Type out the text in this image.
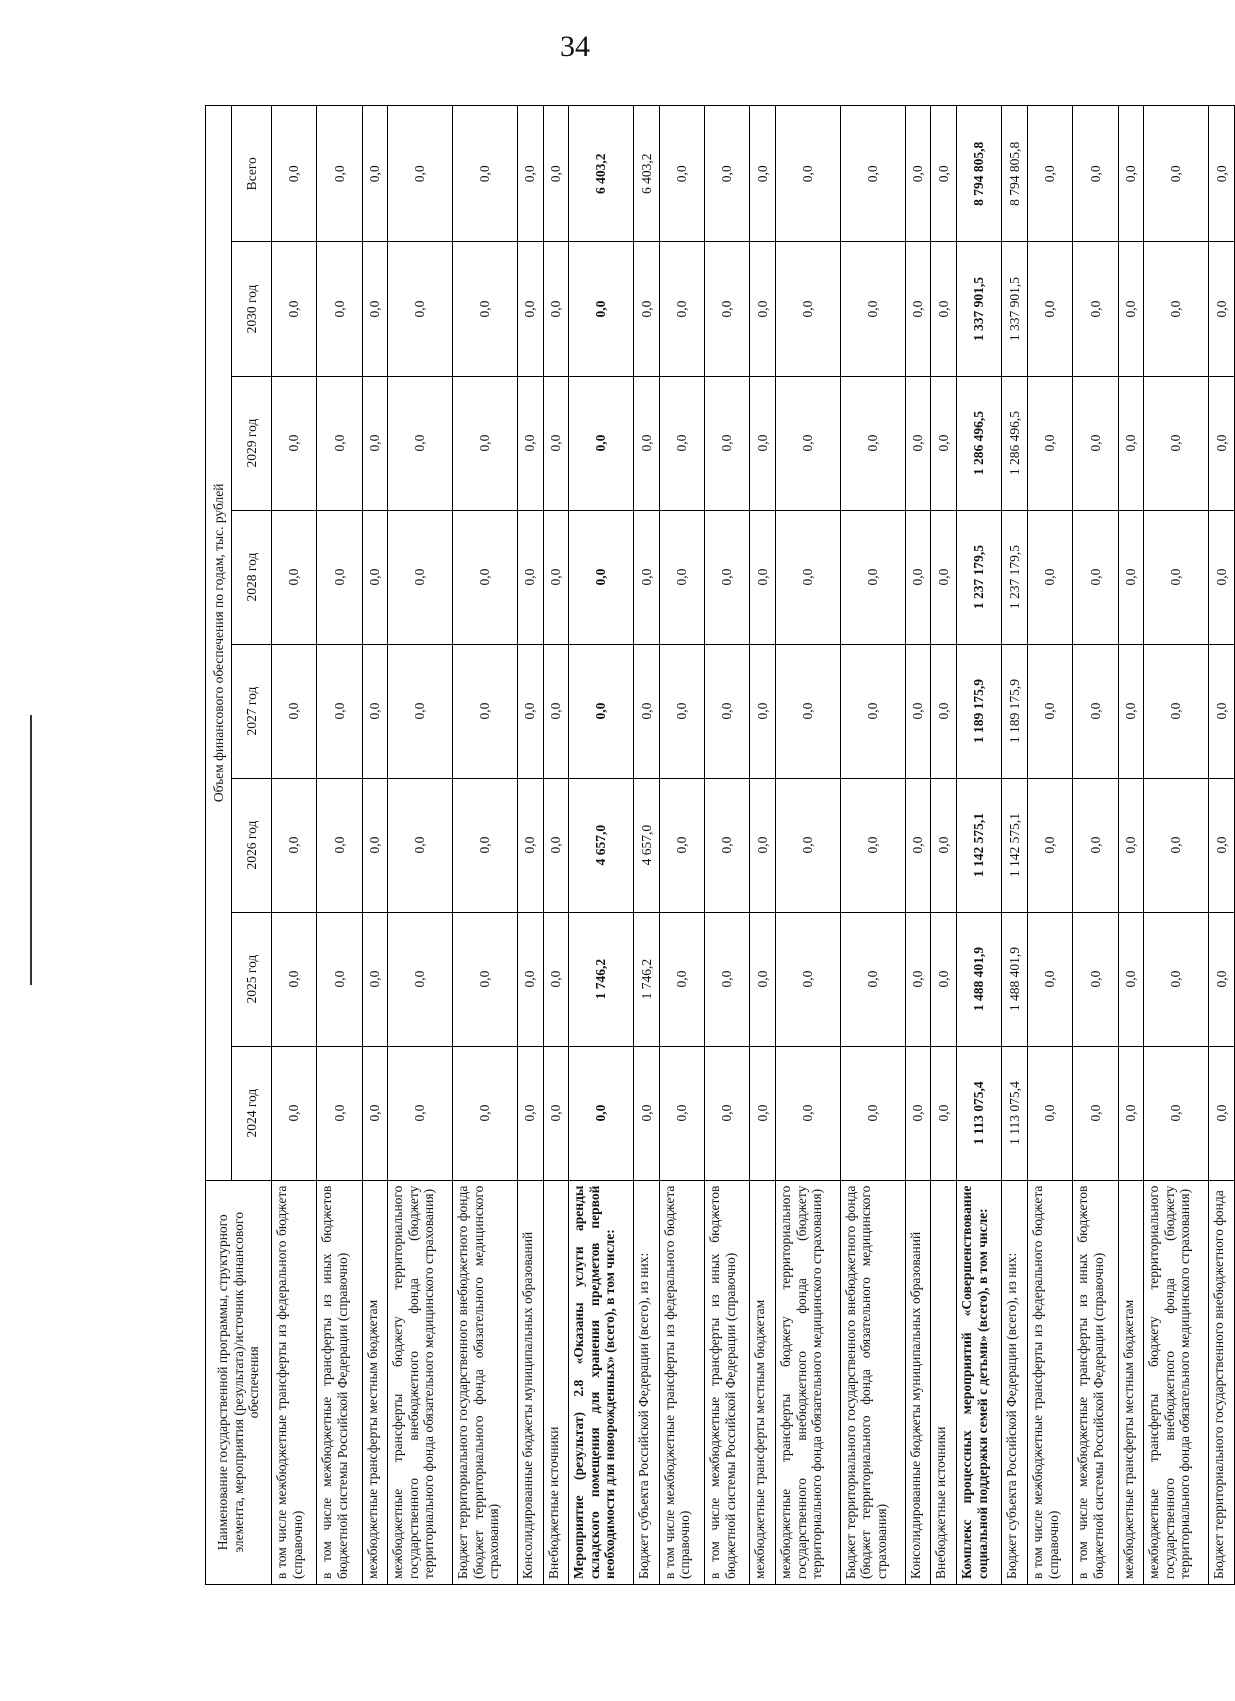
34
Наименование государственной программы, структурного элемента, мероприятия (результата)/источник финансового обеспечения	Объем финансового обеспечения по годам, тыс. рублей							
	2024 год	2025 год	2026 год	2027 год	2028 год	2029 год	2030 год	Всего
в том числе межбюджетные трансферты из федерального бюджета (справочно)	0,0	0,0	0,0	0,0	0,0	0,0	0,0	0,0
в том числе межбюджетные трансферты из иных бюджетов бюджетной системы Российской Федерации (справочно)	0,0	0,0	0,0	0,0	0,0	0,0	0,0	0,0
межбюджетные трансферты местным бюджетам	0,0	0,0	0,0	0,0	0,0	0,0	0,0	0,0
межбюджетные трансферты бюджету территориального государственного внебюджетного фонда (бюджету территориального фонда обязательного медицинского страхования)	0,0	0,0	0,0	0,0	0,0	0,0	0,0	0,0
Бюджет территориального государственного внебюджетного фонда (бюджет территориального фонда обязательного медицинского страхования)	0,0	0,0	0,0	0,0	0,0	0,0	0,0	0,0
Консолидированные бюджеты муниципальных образований	0,0	0,0	0,0	0,0	0,0	0,0	0,0	0,0
Внебюджетные источники	0,0	0,0	0,0	0,0	0,0	0,0	0,0	0,0
Мероприятие (результат) 2.8 «Оказаны услуги аренды складского помещения для хранения предметов первой необходимости для новорожденных» (всего), в том числе:	0,0	1 746,2	4 657,0	0,0	0,0	0,0	0,0	6 403,2
Бюджет субъекта Российской Федерации (всего), из них:	0,0	1 746,2	4 657,0	0,0	0,0	0,0	0,0	6 403,2
в том числе межбюджетные трансферты из федерального бюджета (справочно)	0,0	0,0	0,0	0,0	0,0	0,0	0,0	0,0
в том числе межбюджетные трансферты из иных бюджетов бюджетной системы Российской Федерации (справочно)	0,0	0,0	0,0	0,0	0,0	0,0	0,0	0,0
межбюджетные трансферты местным бюджетам	0,0	0,0	0,0	0,0	0,0	0,0	0,0	0,0
межбюджетные трансферты бюджету территориального государственного внебюджетного фонда (бюджету территориального фонда обязательного медицинского страхования)	0,0	0,0	0,0	0,0	0,0	0,0	0,0	0,0
Бюджет территориального государственного внебюджетного фонда (бюджет территориального фонда обязательного медицинского страхования)	0,0	0,0	0,0	0,0	0,0	0,0	0,0	0,0
Консолидированные бюджеты муниципальных образований	0,0	0,0	0,0	0,0	0,0	0,0	0,0	0,0
Внебюджетные источники	0,0	0,0	0,0	0,0	0,0	0,0	0,0	0,0
Комплекс процессных мероприятий «Совершенствование социальной поддержки семей с детьми» (всего), в том числе:	1 113 075,4	1 488 401,9	1 142 575,1	1 189 175,9	1 237 179,5	1 286 496,5	1 337 901,5	8 794 805,8
Бюджет субъекта Российской Федерации (всего), из них:	1 113 075,4	1 488 401,9	1 142 575,1	1 189 175,9	1 237 179,5	1 286 496,5	1 337 901,5	8 794 805,8
в том числе межбюджетные трансферты из федерального бюджета (справочно)	0,0	0,0	0,0	0,0	0,0	0,0	0,0	0,0
в том числе межбюджетные трансферты из иных бюджетов бюджетной системы Российской Федерации (справочно)	0,0	0,0	0,0	0,0	0,0	0,0	0,0	0,0
межбюджетные трансферты местным бюджетам	0,0	0,0	0,0	0,0	0,0	0,0	0,0	0,0
межбюджетные трансферты бюджету территориального государственного внебюджетного фонда (бюджету территориального фонда обязательного медицинского страхования)	0,0	0,0	0,0	0,0	0,0	0,0	0,0	0,0
Бюджет территориального государственного внебюджетного фонда	0,0	0,0	0,0	0,0	0,0	0,0	0,0	0,0
